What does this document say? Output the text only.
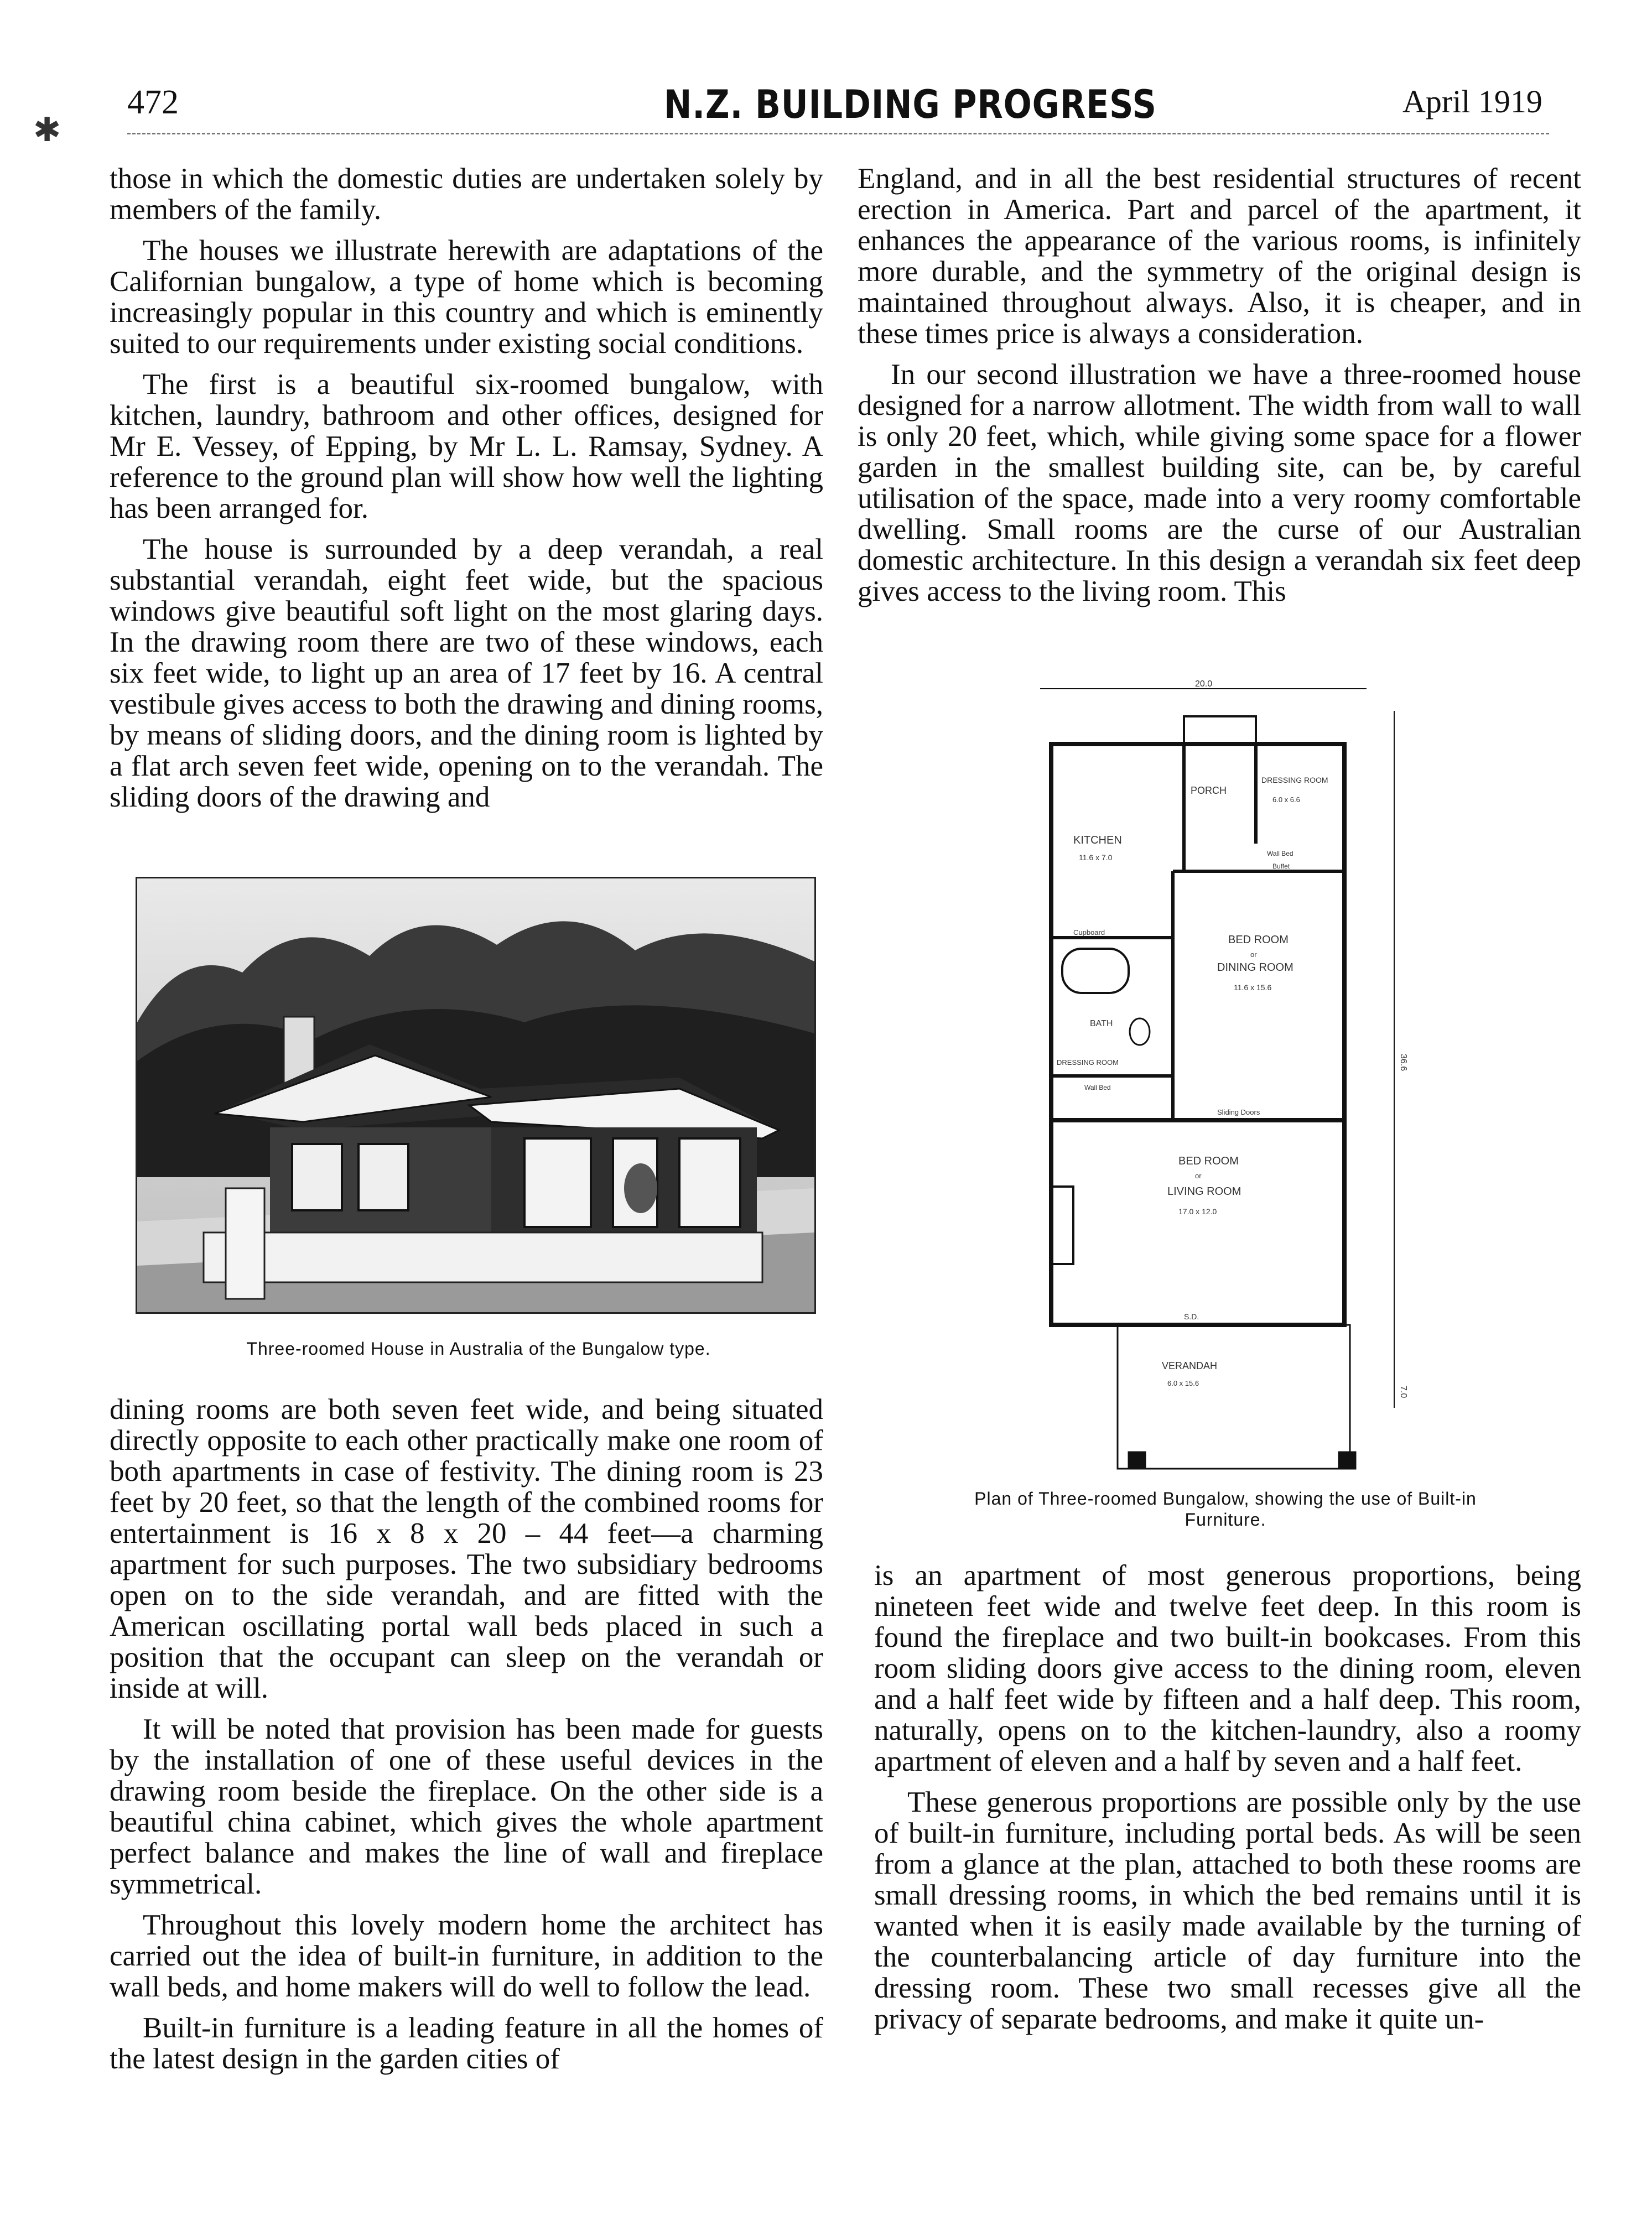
✱
472	N.Z. BUILDING PROGRESS	April 1919

those in which the domestic duties are undertaken solely by members of the family.

The houses we illustrate herewith are adaptations of the Californian bungalow, a type of home which is becoming increasingly popular in this country and which is eminently suited to our requirements under existing social conditions.

The first is a beautiful six-roomed bungalow, with kitchen, laundry, bathroom and other offices, designed for Mr E. Vessey, of Epping, by Mr L. L. Ramsay, Sydney. A reference to the ground plan will show how well the lighting has been arranged for.

The house is surrounded by a deep verandah, a real substantial verandah, eight feet wide, but the spacious windows give beautiful soft light on the most glaring days. In the drawing room there are two of these windows, each six feet wide, to light up an area of 17 feet by 16. A central vestibule gives access to both the drawing and dining rooms, by means of sliding doors, and the dining room is lighted by a flat arch seven feet wide, opening on to the verandah. The sliding doors of the drawing and

Three-roomed House in Australia of the Bungalow type.

dining rooms are both seven feet wide, and being situated directly opposite to each other practically make one room of both apartments in case of festivity. The dining room is 23 feet by 20 feet, so that the length of the combined rooms for entertainment is 16 x 8 x 20 – 44 feet—a charming apartment for such purposes. The two subsidiary bedrooms open on to the side verandah, and are fitted with the American oscillating portal wall beds placed in such a position that the occupant can sleep on the verandah or inside at will.

It will be noted that provision has been made for guests by the installation of one of these useful devices in the drawing room beside the fireplace. On the other side is a beautiful china cabinet, which gives the whole apartment perfect balance and makes the line of wall and fireplace symmetrical.

Throughout this lovely modern home the architect has carried out the idea of built-in furniture, in addition to the wall beds, and home makers will do well to follow the lead.

Built-in furniture is a leading feature in all the homes of the latest design in the garden cities of

England, and in all the best residential structures of recent erection in America. Part and parcel of the apartment, it enhances the appearance of the various rooms, is infinitely more durable, and the symmetry of the original design is maintained throughout always. Also, it is cheaper, and in these times price is always a consideration.

In our second illustration we have a three-roomed house designed for a narrow allotment. The width from wall to wall is only 20 feet, which, while giving some space for a flower garden in the smallest building site, can be, by careful utilisation of the space, made into a very roomy comfortable dwelling. Small rooms are the curse of our Australian domestic architecture. In this design a verandah six feet deep gives access to the living room. This

20.0
36.6
7.0
PORCH
KITCHEN
11.6 x 7.0
DRESSING ROOM
6.0 x 6.6
Wall Bed
Buffet
Cupboard
BED ROOM
or
DINING ROOM
11.6 x 15.6
BATH
DRESSING ROOM
Wall Bed
Sliding Doors
BED ROOM
or
LIVING ROOM
17.0 x 12.0
S.D.
VERANDAH
6.0 x 15.6
Plan of Three-roomed Bungalow, showing the use of Built-in Furniture.

is an apartment of most generous proportions, being nineteen feet wide and twelve feet deep. In this room is found the fireplace and two built-in bookcases. From this room sliding doors give access to the dining room, eleven and a half feet wide by fifteen and a half deep. This room, naturally, opens on to the kitchen-laundry, also a roomy apartment of eleven and a half by seven and a half feet.

These generous proportions are possible only by the use of built-in furniture, including portal beds. As will be seen from a glance at the plan, attached to both these rooms are small dressing rooms, in which the bed remains until it is wanted when it is easily made available by the turning of the counterbalancing article of day furniture into the dressing room. These two small recesses give all the privacy of separate bedrooms, and make it quite un-
